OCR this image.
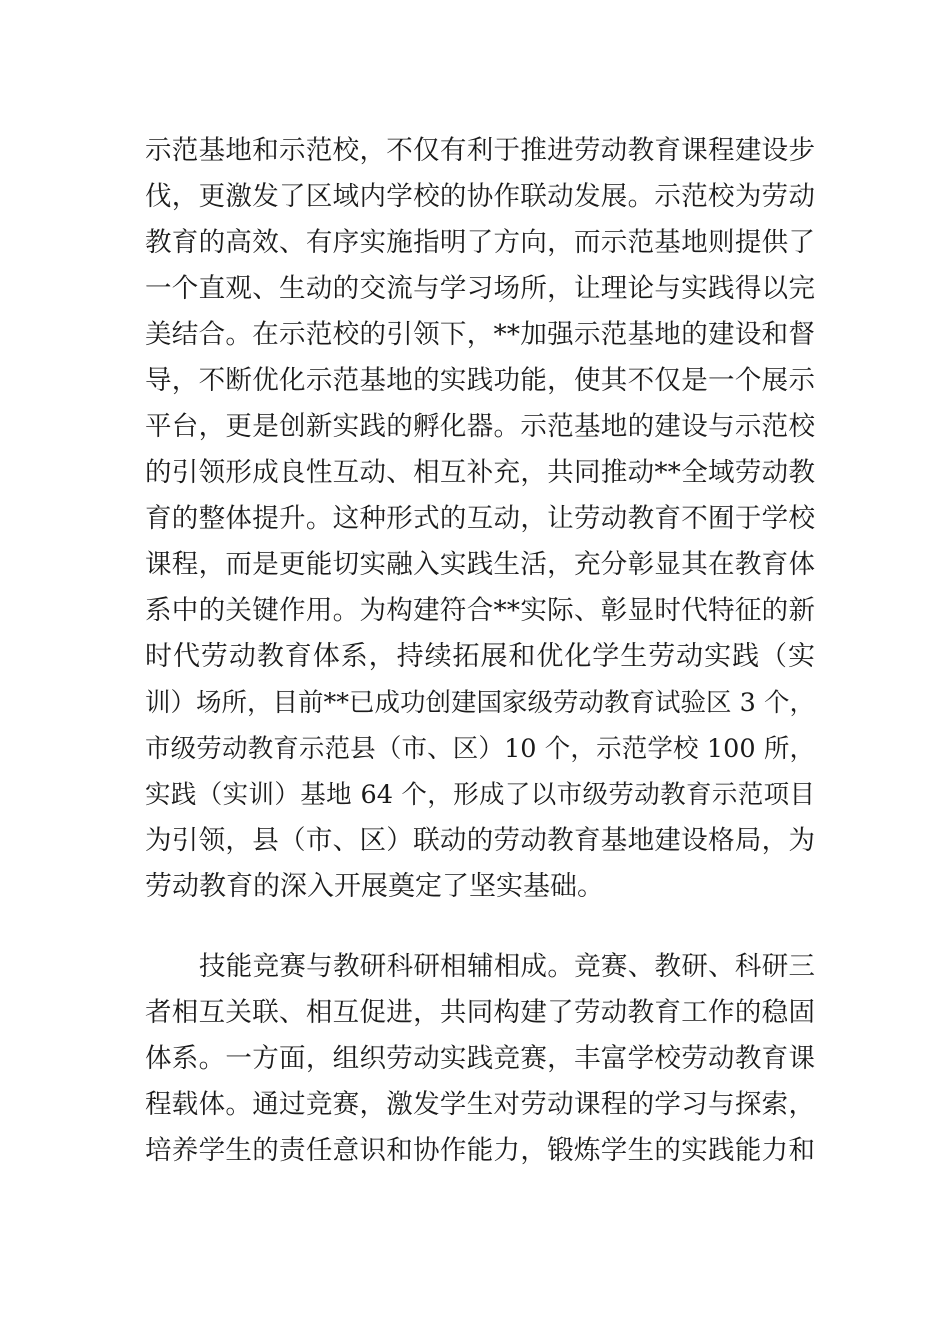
示范基地和示范校，不仅有利于推进劳动教育课程建设步
伐，更激发了区域内学校的协作联动发展。示范校为劳动
教育的高效、有序实施指明了方向，而示范基地则提供了
一个直观、生动的交流与学习场所，让理论与实践得以完
美结合。在示范校的引领下，**加强示范基地的建设和督
导，不断优化示范基地的实践功能，使其不仅是一个展示
平台，更是创新实践的孵化器。示范基地的建设与示范校
的引领形成良性互动、相互补充，共同推动**全域劳动教
育的整体提升。这种形式的互动，让劳动教育不囿于学校
课程，而是更能切实融入实践生活，充分彰显其在教育体
系中的关键作用。为构建符合**实际、彰显时代特征的新
时代劳动教育体系，持续拓展和优化学生劳动实践（实
训）场所，目前**已成功创建国家级劳动教育试验区 3 个，
市级劳动教育示范县（市、区）10 个，示范学校 100 所，
实践（实训）基地 64 个，形成了以市级劳动教育示范项目
为引领，县（市、区）联动的劳动教育基地建设格局，为
劳动教育的深入开展奠定了坚实基础。
技能竞赛与教研科研相辅相成。竞赛、教研、科研三
者相互关联、相互促进，共同构建了劳动教育工作的稳固
体系。一方面，组织劳动实践竞赛，丰富学校劳动教育课
程载体。通过竞赛，激发学生对劳动课程的学习与探索，
培养学生的责任意识和协作能力，锻炼学生的实践能力和
